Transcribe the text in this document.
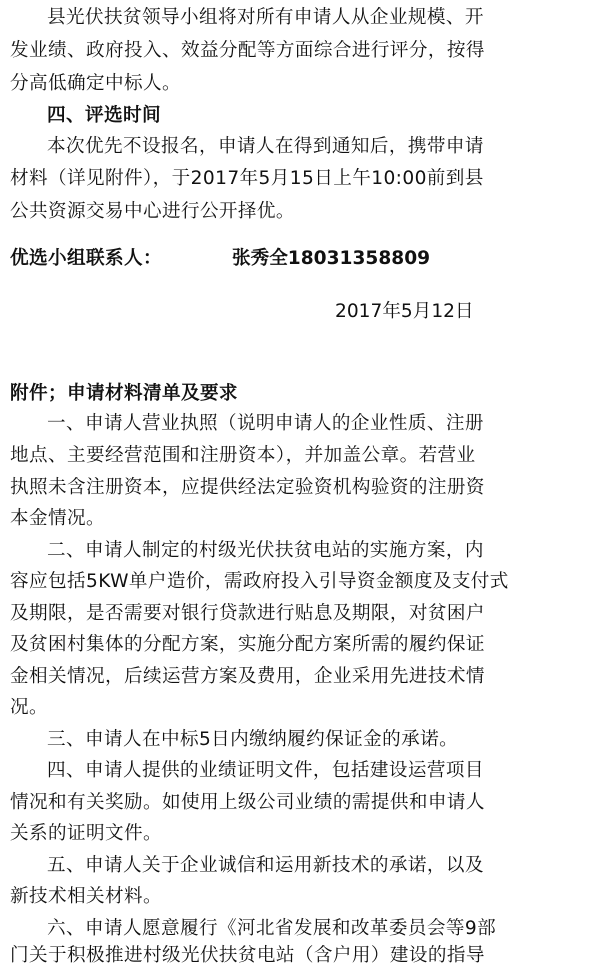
县光伏扶贫领导小组将对所有申请人从企业规模、开
发业绩、政府投入、效益分配等方面综合进行评分，按得
分高低确定中标人。
四、评选时间
本次优先不设报名，申请人在得到通知后，携带申请
材料（详见附件），于2017年5月15日上午10:00前到县
公共资源交易中心进行公开择优。
优选小组联系人：	张秀全18031358809
2017年5月12日
附件；申请材料清单及要求
一、申请人营业执照（说明申请人的企业性质、注册
地点、主要经营范围和注册资本），并加盖公章。若营业
执照未含注册资本，应提供经法定验资机构验资的注册资
本金情况。
二、申请人制定的村级光伏扶贫电站的实施方案，内
容应包括5KW单户造价，需政府投入引导资金额度及支付式
及期限，是否需要对银行贷款进行贴息及期限，对贫困户
及贫困村集体的分配方案，实施分配方案所需的履约保证
金相关情况，后续运营方案及费用，企业采用先进技术情
况。
三、申请人在中标5日内缴纳履约保证金的承诺。
四、申请人提供的业绩证明文件，包括建设运营项目
情况和有关奖励。如使用上级公司业绩的需提供和申请人
关系的证明文件。
五、申请人关于企业诚信和运用新技术的承诺，以及
新技术相关材料。
六、申请人愿意履行《河北省发展和改革委员会等9部
门关于积极推进村级光伏扶贫电站（含户用）建设的指导
